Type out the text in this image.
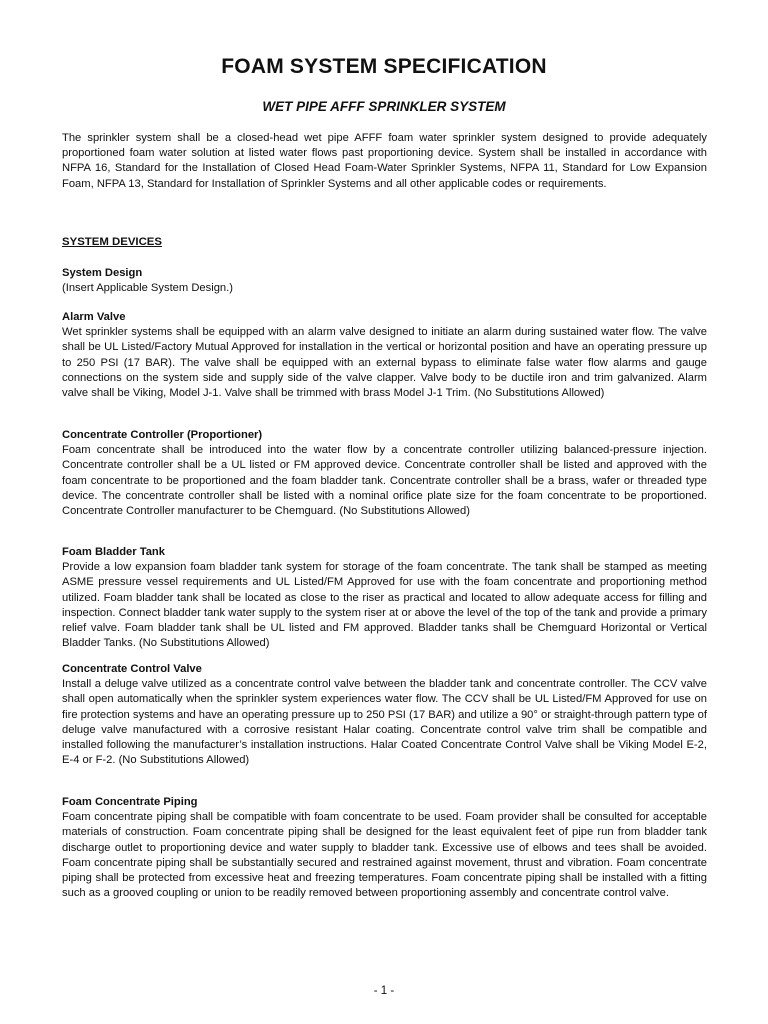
FOAM SYSTEM SPECIFICATION
WET PIPE AFFF SPRINKLER SYSTEM
The sprinkler system shall be a closed-head wet pipe AFFF foam water sprinkler system designed to provide adequately proportioned foam water solution at listed water flows past proportioning device. System shall be installed in accordance with NFPA 16, Standard for the Installation of Closed Head Foam-Water Sprinkler Systems, NFPA 11, Standard for Low Expansion Foam, NFPA 13, Standard for Installation of Sprinkler Systems and all other applicable codes or requirements.
SYSTEM DEVICES
System Design
(Insert Applicable System Design.)
Alarm Valve
Wet sprinkler systems shall be equipped with an alarm valve designed to initiate an alarm during sustained water flow. The valve shall be UL Listed/Factory Mutual Approved for installation in the vertical or horizontal position and have an operating pressure up to 250 PSI (17 BAR). The valve shall be equipped with an external bypass to eliminate false water flow alarms and gauge connections on the system side and supply side of the valve clapper. Valve body to be ductile iron and trim galvanized. Alarm valve shall be Viking, Model J-1. Valve shall be trimmed with brass Model J-1 Trim. (No Substitutions Allowed)
Concentrate Controller (Proportioner)
Foam concentrate shall be introduced into the water flow by a concentrate controller utilizing balanced-pressure injection. Concentrate controller shall be a UL listed or FM approved device. Concentrate controller shall be listed and approved with the foam concentrate to be proportioned and the foam bladder tank. Concentrate controller shall be a brass, wafer or threaded type device. The concentrate controller shall be listed with a nominal orifice plate size for the foam concentrate to be proportioned. Concentrate Controller manufacturer to be Chemguard. (No Substitutions Allowed)
Foam Bladder Tank
Provide a low expansion foam bladder tank system for storage of the foam concentrate. The tank shall be stamped as meeting ASME pressure vessel requirements and UL Listed/FM Approved for use with the foam concentrate and proportioning method utilized. Foam bladder tank shall be located as close to the riser as practical and located to allow adequate access for filling and inspection. Connect bladder tank water supply to the system riser at or above the level of the top of the tank and provide a primary relief valve. Foam bladder tank shall be UL listed and FM approved. Bladder tanks shall be Chemguard Horizontal or Vertical Bladder Tanks. (No Substitutions Allowed)
Concentrate Control Valve
Install a deluge valve utilized as a concentrate control valve between the bladder tank and concentrate controller. The CCV valve shall open automatically when the sprinkler system experiences water flow. The CCV shall be UL Listed/FM Approved for use on fire protection systems and have an operating pressure up to 250 PSI (17 BAR) and utilize a 90° or straight-through pattern type of deluge valve manufactured with a corrosive resistant Halar coating. Concentrate control valve trim shall be compatible and installed following the manufacturer’s installation instructions. Halar Coated Concentrate Control Valve shall be Viking Model E-2, E-4 or F-2. (No Substitutions Allowed)
Foam Concentrate Piping
Foam concentrate piping shall be compatible with foam concentrate to be used. Foam provider shall be consulted for acceptable materials of construction. Foam concentrate piping shall be designed for the least equivalent feet of pipe run from bladder tank discharge outlet to proportioning device and water supply to bladder tank. Excessive use of elbows and tees shall be avoided. Foam concentrate piping shall be substantially secured and restrained against movement, thrust and vibration. Foam concentrate piping shall be protected from excessive heat and freezing temperatures. Foam concentrate piping shall be installed with a fitting such as a grooved coupling or union to be readily removed between proportioning assembly and concentrate control valve.
- 1 -
